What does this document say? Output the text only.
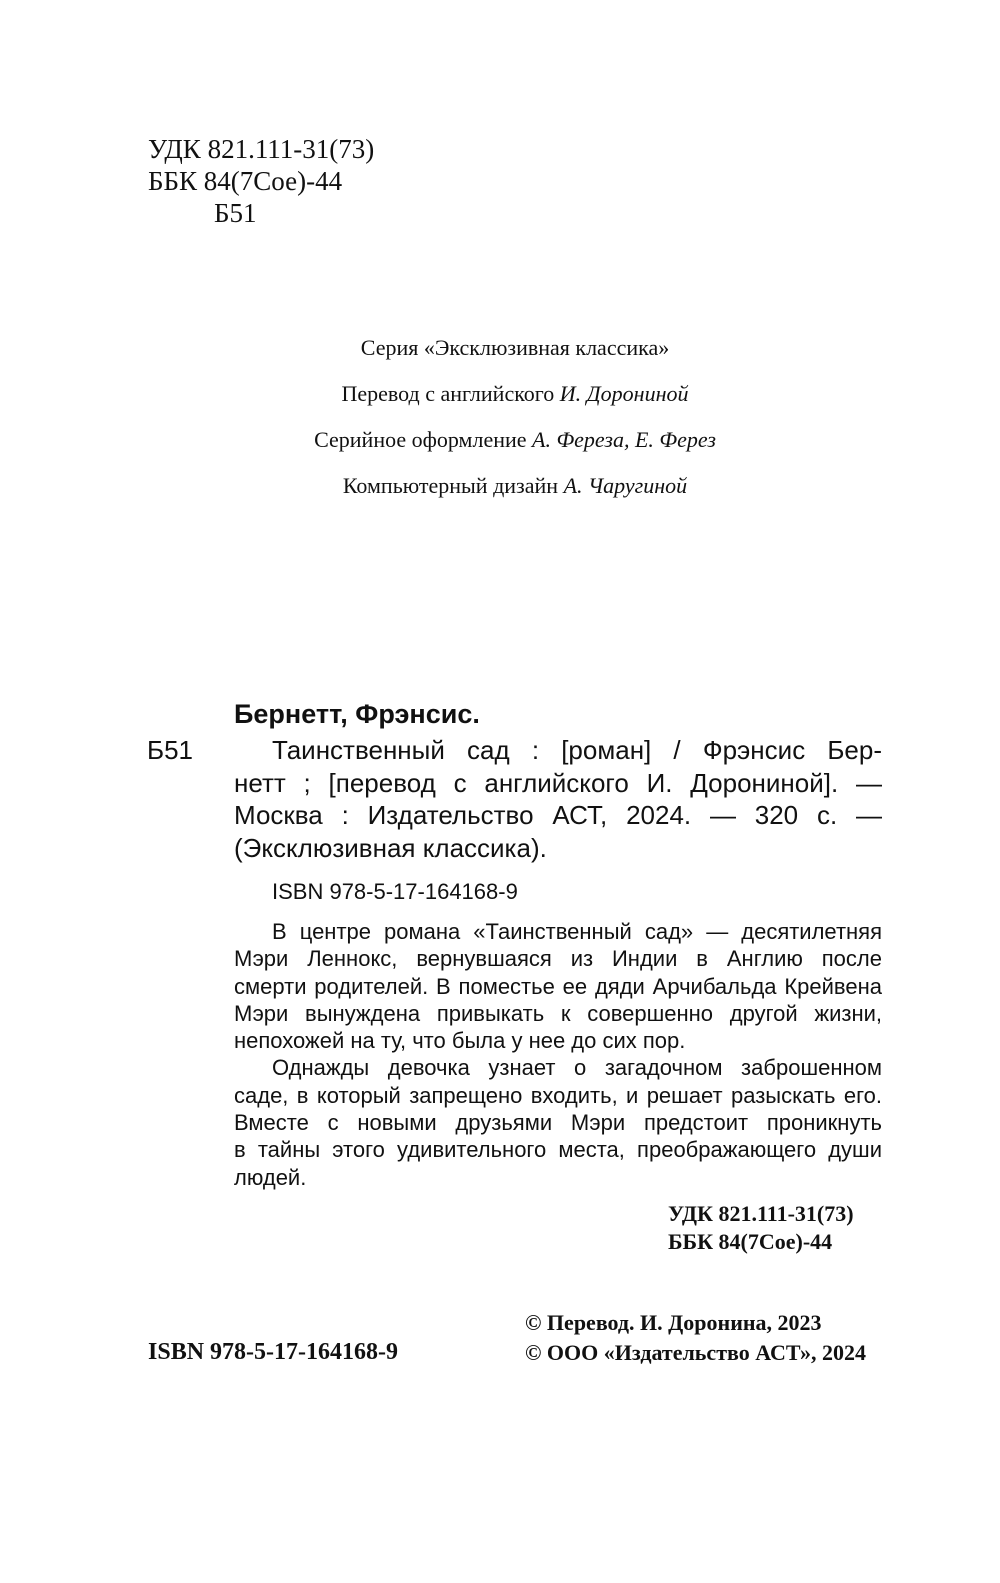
УДК 821.111-31(73)
ББК 84(7Сое)-44
Б51
Серия «Эксклюзивная классика»
Перевод с английского И. Дорониной
Серийное оформление А. Фереза, Е. Ферез
Компьютерный дизайн А. Чаругиной
Бернетт, Фрэнсис.
Б51	Таинственный сад : [роман] / Фрэнсис Бер-
нетт ; [перевод с английского И. Дорониной]. —
Москва : Издательство АСТ, 2024. — 320 с. —
(Эксклюзивная классика).
ISBN 978-5-17-164168-9
В центре романа «Таинственный сад» — десятилетняя
Мэри Леннокс, вернувшаяся из Индии в Англию после
смерти родителей. В поместье ее дяди Арчибальда Крейвена
Мэри вынуждена привыкать к совершенно другой жизни,
непохожей на ту, что была у нее до сих пор.
Однажды девочка узнает о загадочном заброшенном
саде, в который запрещено входить, и решает разыскать его.
Вместе с новыми друзьями Мэри предстоит проникнуть
в тайны этого удивительного места, преображающего души
людей.
УДК 821.111-31(73)
ББК 84(7Сое)-44
© Перевод. И. Доронина, 2023
© ООО «Издательство АСТ», 2024
ISBN 978-5-17-164168-9
